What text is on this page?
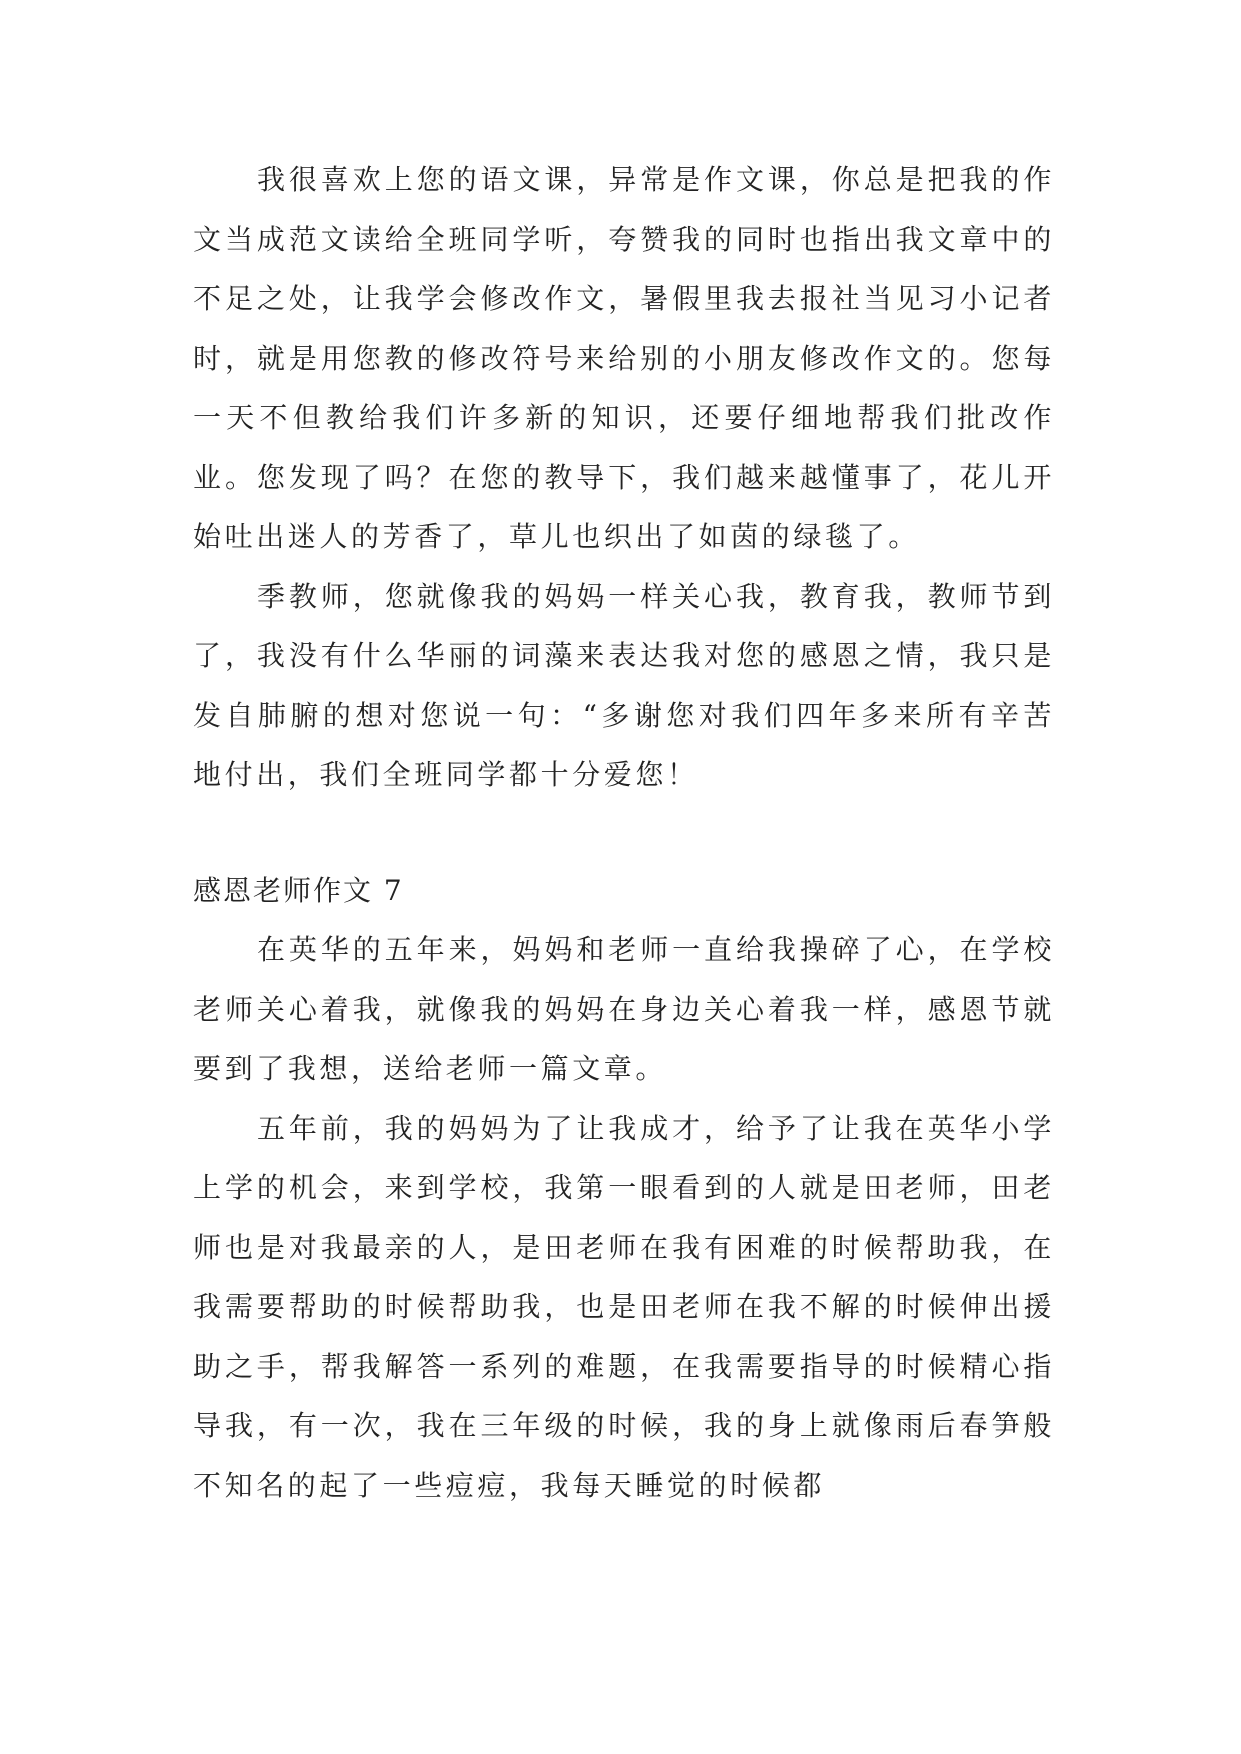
我很喜欢上您的语文课，异常是作文课，你总是把我的作文当成范文读给全班同学听，夸赞我的同时也指出我文章中的不足之处，让我学会修改作文，暑假里我去报社当见习小记者时，就是用您教的修改符号来给别的小朋友修改作文的。您每一天不但教给我们许多新的知识，还要仔细地帮我们批改作业。您发现了吗？在您的教导下，我们越来越懂事了，花儿开始吐出迷人的芳香了，草儿也织出了如茵的绿毯了。

季教师，您就像我的妈妈一样关心我，教育我，教师节到了，我没有什么华丽的词藻来表达我对您的感恩之情，我只是发自肺腑的想对您说一句：“多谢您对我们四年多来所有辛苦地付出，我们全班同学都十分爱您！

感恩老师作文 7

在英华的五年来，妈妈和老师一直给我操碎了心，在学校老师关心着我，就像我的妈妈在身边关心着我一样，感恩节就要到了我想，送给老师一篇文章。

五年前，我的妈妈为了让我成才，给予了让我在英华小学上学的机会，来到学校，我第一眼看到的人就是田老师，田老师也是对我最亲的人，是田老师在我有困难的时候帮助我，在我需要帮助的时候帮助我，也是田老师在我不解的时候伸出援助之手，帮我解答一系列的难题，在我需要指导的时候精心指导我，有一次，我在三年级的时候，我的身上就像雨后春笋般不知名的起了一些痘痘，我每天睡觉的时候都
